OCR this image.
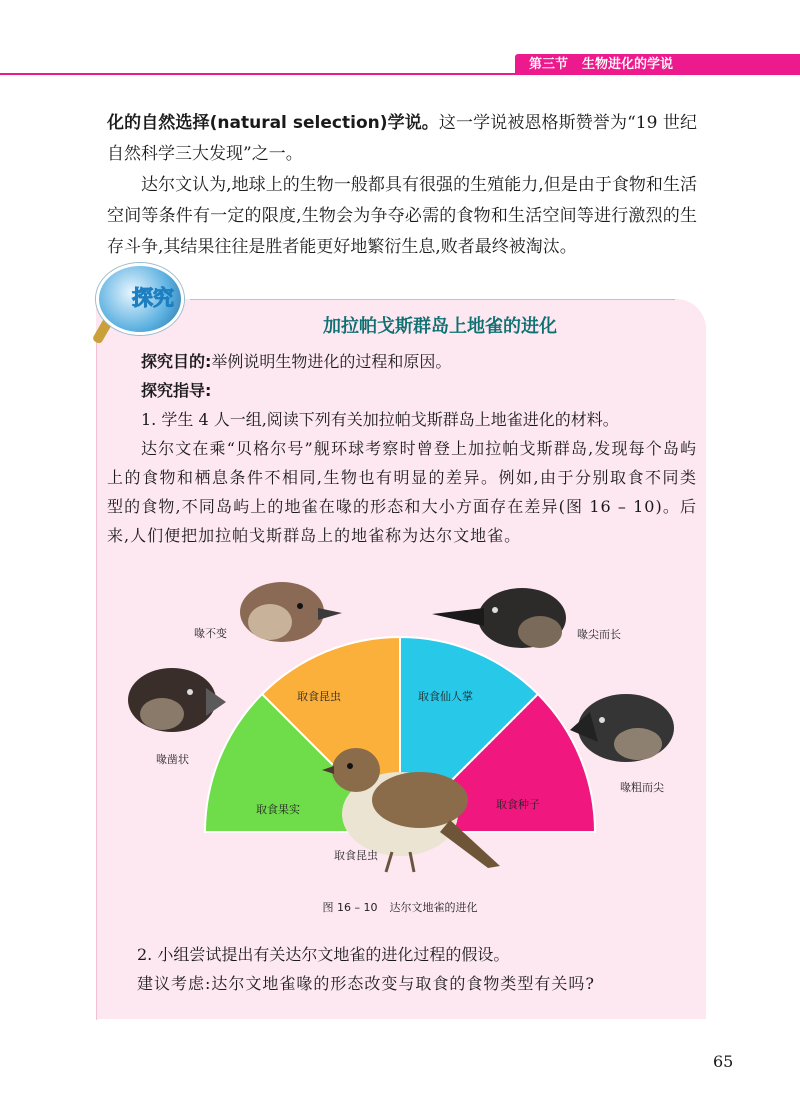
第三节 生物进化的学说

化的自然选择(natural selection)学说。这一学说被恩格斯赞誉为“19 世纪自然科学三大发现”之一。

达尔文认为,地球上的生物一般都具有很强的生殖能力,但是由于食物和生活空间等条件有一定的限度,生物会为争夺必需的食物和生活空间等进行激烈的生存斗争,其结果往往是胜者能更好地繁衍生息,败者最终被淘汰。

探究
加拉帕戈斯群岛上地雀的进化

探究目的:举例说明生物进化的过程和原因。

探究指导:

1. 学生 4 人一组,阅读下列有关加拉帕戈斯群岛上地雀进化的材料。

达尔文在乘“贝格尔号”舰环球考察时曾登上加拉帕戈斯群岛,发现每个岛屿上的食物和栖息条件不相同,生物也有明显的差异。例如,由于分别取食不同类型的食物,不同岛屿上的地雀在喙的形态和大小方面存在差异(图 16 – 10)。后来,人们便把加拉帕戈斯群岛上的地雀称为达尔文地雀。

取食昆虫	取食仙人掌
取食果实	取食种子
喙不变	喙尖而长
喙凿状
喙粗而尖
取食昆虫
图 16 – 10 达尔文地雀的进化

2. 小组尝试提出有关达尔文地雀的进化过程的假设。

建议考虑:达尔文地雀喙的形态改变与取食的食物类型有关吗?

65
